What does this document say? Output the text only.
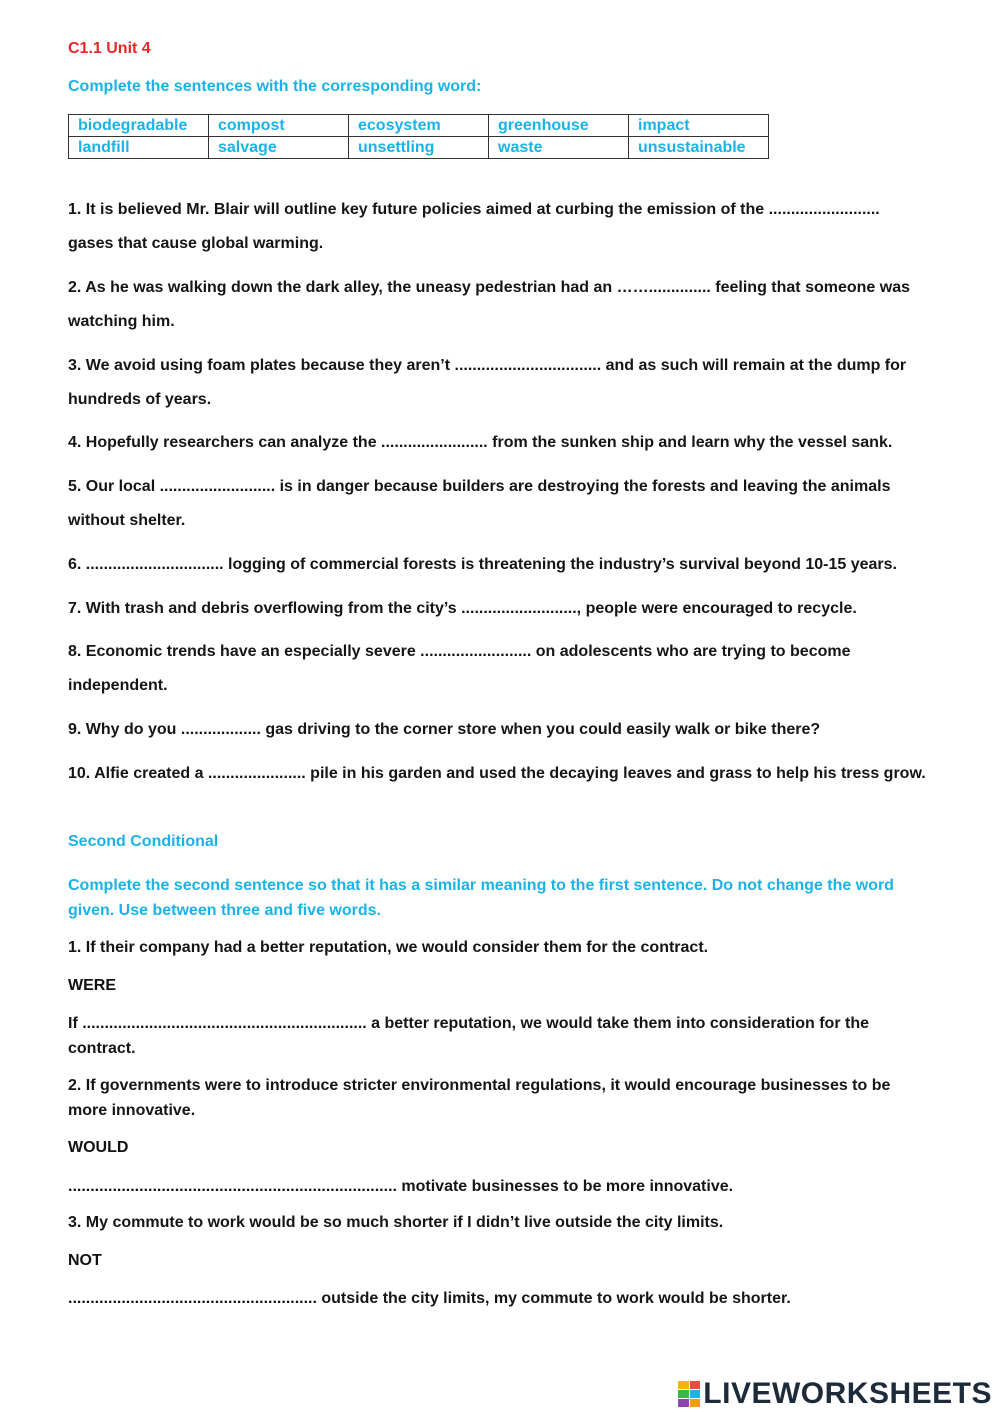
C1.1 Unit 4
Complete the sentences with the corresponding word:
biodegradable	compost	ecosystem	greenhouse	impact
landfill	salvage	unsettling	waste	unsustainable
1. It is believed Mr. Blair will outline key future policies aimed at curbing the emission of the ......................... gases that cause global warming.
2. As he was walking down the dark alley, the uneasy pedestrian had an …….............. feeling that someone was watching him.
3. We avoid using foam plates because they aren’t ................................. and as such will remain at the dump for hundreds of years.
4. Hopefully researchers can analyze the ........................ from the sunken ship and learn why the vessel sank.
5. Our local .......................... is in danger because builders are destroying the forests and leaving the animals without shelter.
6. ............................... logging of commercial forests is threatening the industry’s survival beyond 10-15 years.
7. With trash and debris overflowing from the city’s .........................., people were encouraged to recycle.
8. Economic trends have an especially severe ......................... on adolescents who are trying to become independent.
9. Why do you .................. gas driving to the corner store when you could easily walk or bike there?
10. Alfie created a ...................... pile in his garden and used the decaying leaves and grass to help his tress grow.
Second Conditional
Complete the second sentence so that it has a similar meaning to the first sentence. Do not change the word given. Use between three and five words.
1. If their company had a better reputation, we would consider them for the contract.
WERE
If ................................................................ a better reputation, we would take them into consideration for the contract.
2. If governments were to introduce stricter environmental regulations, it would encourage businesses to be more innovative.
WOULD
.......................................................................... motivate businesses to be more innovative.
3. My commute to work would be so much shorter if I didn’t live outside the city limits.
NOT
........................................................ outside the city limits, my commute to work would be shorter.
LIVEWORKSHEETS
